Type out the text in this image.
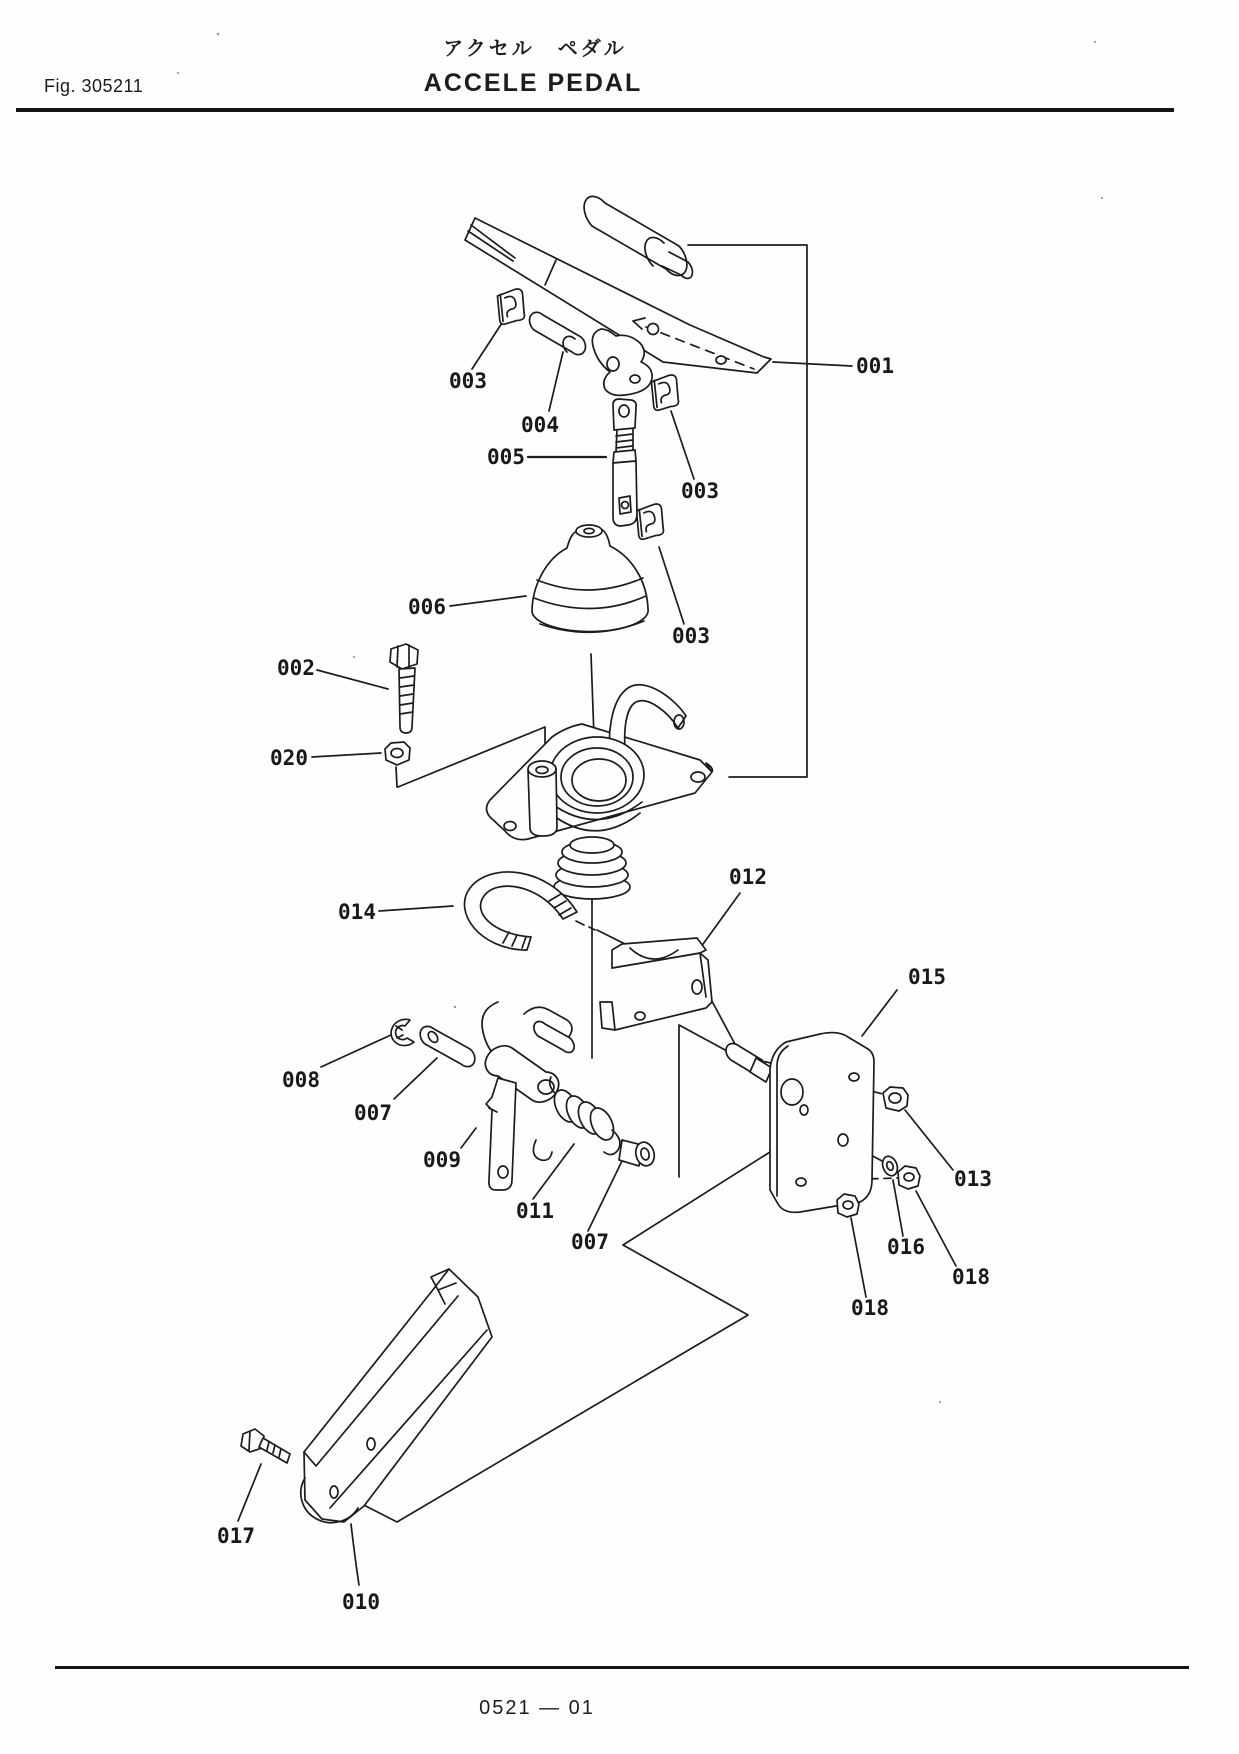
アクセル　ペダル
ACCELE PEDAL
Fig. 305211
001
002
003
003
003
004
005
006
007
007
008
009
010
011
012
013
014
015
016
017
018
018
020
0521 — 01
